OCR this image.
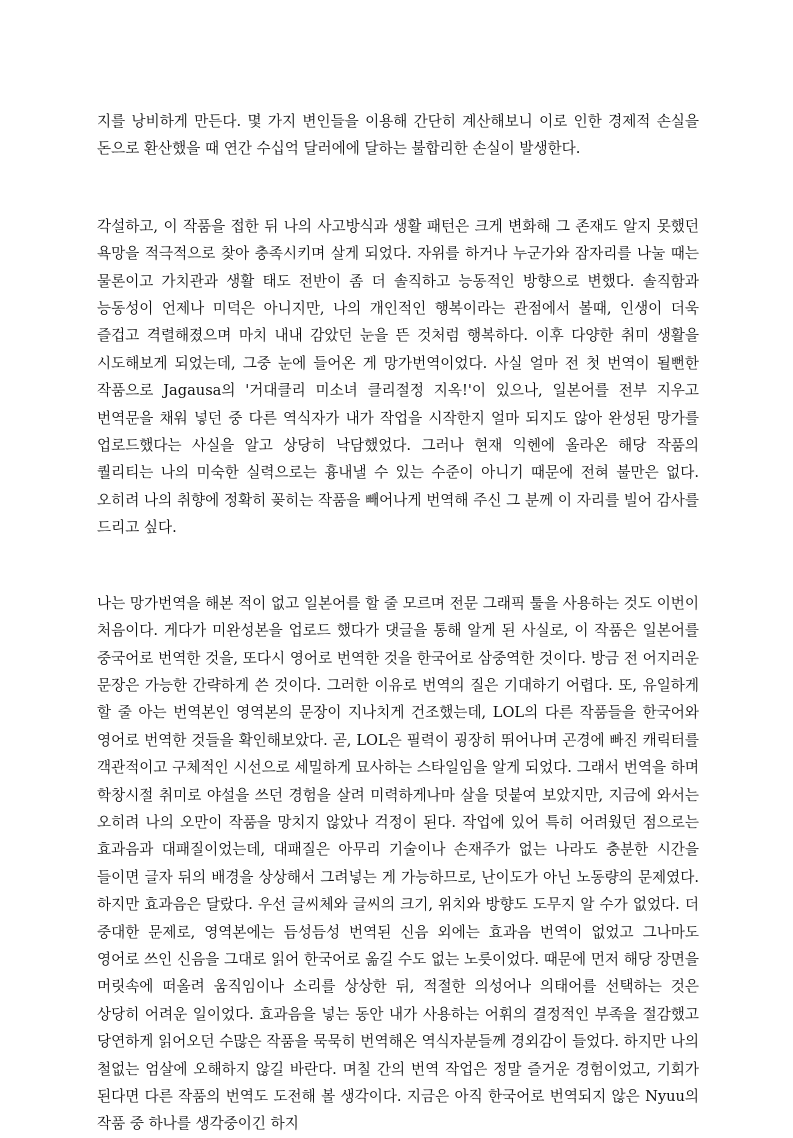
지를 낭비하게 만든다. 몇 가지 변인들을 이용해 간단히 계산해보니 이로 인한 경제적 손실을 돈으로 환산했을 때 연간 수십억 달러에에 달하는 불합리한 손실이 발생한다.

각설하고, 이 작품을 접한 뒤 나의 사고방식과 생활 패턴은 크게 변화해 그 존재도 알지 못했던 욕망을 적극적으로 찾아 충족시키며 살게 되었다. 자위를 하거나 누군가와 잠자리를 나눌 때는 물론이고 가치관과 생활 태도 전반이 좀 더 솔직하고 능동적인 방향으로 변했다. 솔직함과 능동성이 언제나 미덕은 아니지만, 나의 개인적인 행복이라는 관점에서 볼때, 인생이 더욱 즐겁고 격렬해졌으며 마치 내내 감았던 눈을 뜬 것처럼 행복하다. 이후 다양한 취미 생활을 시도해보게 되었는데, 그중 눈에 들어온 게 망가번역이었다. 사실 얼마 전 첫 번역이 될뻔한 작품으로 Jagausa의 '거대클리 미소녀 클리절정 지옥!'이 있으나, 일본어를 전부 지우고 번역문을 채워 넣던 중 다른 역식자가 내가 작업을 시작한지 얼마 되지도 않아 완성된 망가를 업로드했다는 사실을 알고 상당히 낙담했었다. 그러나 현재 익헨에 올라온 해당 작품의 퀄리티는 나의 미숙한 실력으로는 흉내낼 수 있는 수준이 아니기 때문에 전혀 불만은 없다. 오히려 나의 취향에 정확히 꽂히는 작품을 빼어나게 번역해 주신 그 분께 이 자리를 빌어 감사를 드리고 싶다.

나는 망가번역을 해본 적이 없고 일본어를 할 줄 모르며 전문 그래픽 툴을 사용하는 것도 이번이 처음이다. 게다가 미완성본을 업로드 했다가 댓글을 통해 알게 된 사실로, 이 작품은 일본어를 중국어로 번역한 것을, 또다시 영어로 번역한 것을 한국어로 삼중역한 것이다. 방금 전 어지러운 문장은 가능한 간략하게 쓴 것이다. 그러한 이유로 번역의 질은 기대하기 어렵다. 또, 유일하게 할 줄 아는 번역본인 영역본의 문장이 지나치게 건조했는데, LOL의 다른 작품들을 한국어와 영어로 번역한 것들을 확인해보았다. 곧, LOL은 필력이 굉장히 뛰어나며 곤경에 빠진 캐릭터를 객관적이고 구체적인 시선으로 세밀하게 묘사하는 스타일임을 알게 되었다. 그래서 번역을 하며 학창시절 취미로 야설을 쓰던 경험을 살려 미력하게나마 살을 덧붙여 보았지만, 지금에 와서는 오히려 나의 오만이 작품을 망치지 않았나 걱정이 된다. 작업에 있어 특히 어려웠던 점으로는 효과음과 대패질이었는데, 대패질은 아무리 기술이나 손재주가 없는 나라도 충분한 시간을 들이면 글자 뒤의 배경을 상상해서 그려넣는 게 가능하므로, 난이도가 아닌 노동량의 문제였다.하지만 효과음은 달랐다. 우선 글씨체와 글씨의 크기, 위치와 방향도 도무지 알 수가 없었다. 더 중대한 문제로, 영역본에는 듬성듬성 번역된 신음 외에는 효과음 번역이 없었고 그나마도 영어로 쓰인 신음을 그대로 읽어 한국어로 옮길 수도 없는 노릇이었다. 때문에 먼저 해당 장면을 머릿속에 떠올려 움직임이나 소리를 상상한 뒤, 적절한 의성어나 의태어를 선택하는 것은 상당히 어려운 일이었다. 효과음을 넣는 동안 내가 사용하는 어휘의 결정적인 부족을 절감했고 당연하게 읽어오던 수많은 작품을 묵묵히 번역해온 역식자분들께 경외감이 들었다. 하지만 나의 철없는 엄살에 오해하지 않길 바란다. 며칠 간의 번역 작업은 정말 즐거운 경험이었고, 기회가 된다면 다른 작품의 번역도 도전해 볼 생각이다. 지금은 아직 한국어로 번역되지 않은 Nyuu의 작품 중 하나를 생각중이긴 하지
